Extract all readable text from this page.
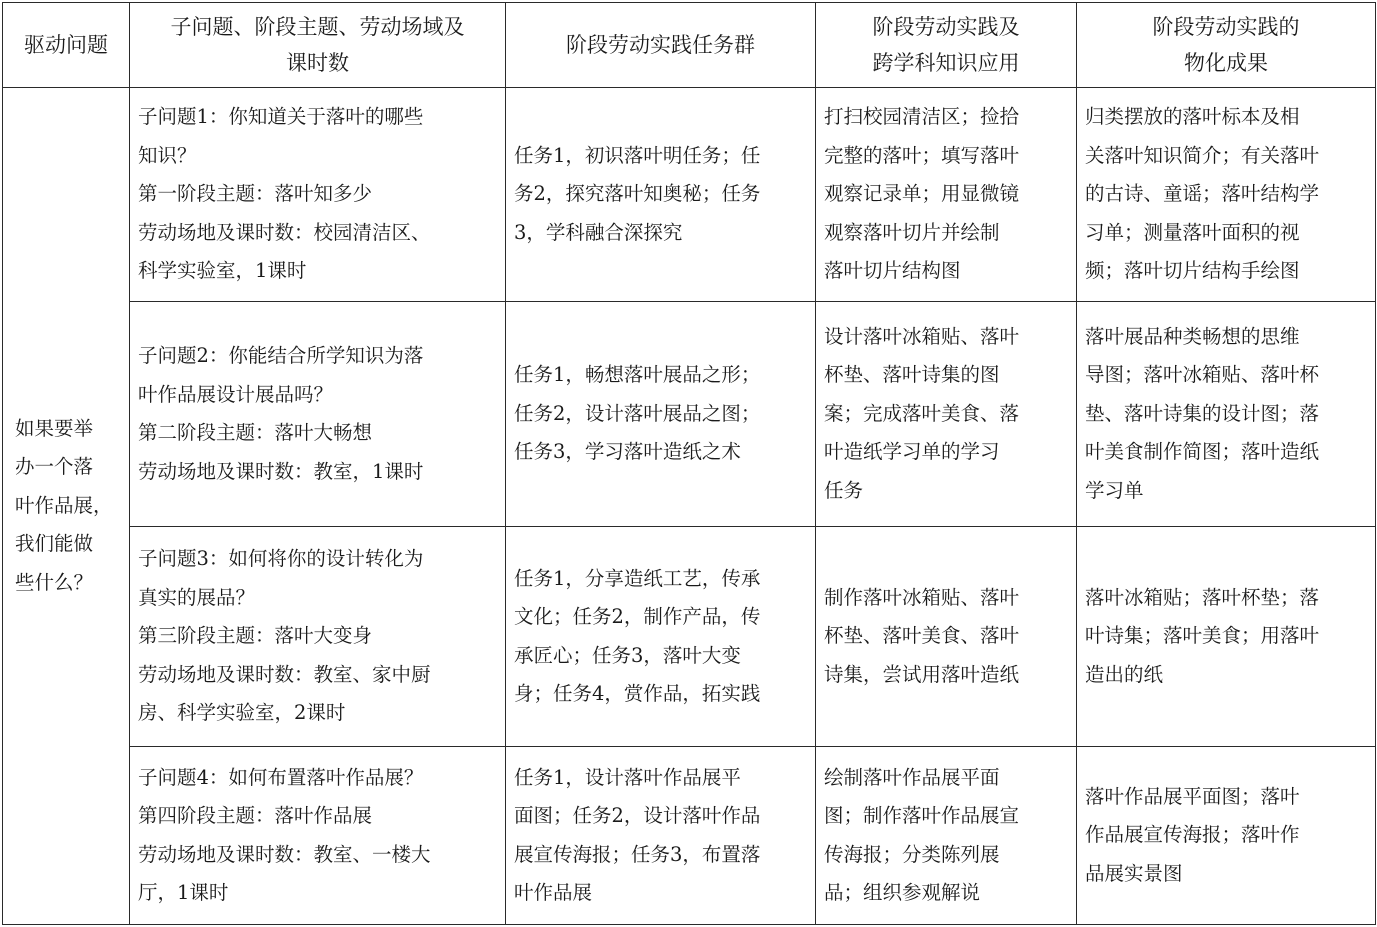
驱动问题	子问题、阶段主题、劳动场域及
课时数	阶段劳动实践任务群	阶段劳动实践及
跨学科知识应用	阶段劳动实践的
物化成果

如果要举
办一个落
叶作品展，
我们能做
些什么？	子问题1：你知道关于落叶的哪些
知识？
第一阶段主题：落叶知多少
劳动场地及课时数：校园清洁区、
科学实验室，1课时	任务1，初识落叶明任务；任
务2，探究落叶知奥秘；任务
3，学科融合深探究	打扫校园清洁区；捡拾
完整的落叶；填写落叶
观察记录单；用显微镜
观察落叶切片并绘制
落叶切片结构图	归类摆放的落叶标本及相
关落叶知识简介；有关落叶
的古诗、童谣；落叶结构学
习单；测量落叶面积的视
频；落叶切片结构手绘图

	子问题2：你能结合所学知识为落
叶作品展设计展品吗？
第二阶段主题：落叶大畅想
劳动场地及课时数：教室，1课时	任务1，畅想落叶展品之形；
任务2，设计落叶展品之图；
任务3，学习落叶造纸之术	设计落叶冰箱贴、落叶
杯垫、落叶诗集的图
案；完成落叶美食、落
叶造纸学习单的学习
任务	落叶展品种类畅想的思维
导图；落叶冰箱贴、落叶杯
垫、落叶诗集的设计图；落
叶美食制作简图；落叶造纸
学习单

	子问题3：如何将你的设计转化为
真实的展品？
第三阶段主题：落叶大变身
劳动场地及课时数：教室、家中厨
房、科学实验室，2课时	任务1，分享造纸工艺，传承
文化；任务2，制作产品，传
承匠心；任务3，落叶大变
身；任务4，赏作品，拓实践	制作落叶冰箱贴、落叶
杯垫、落叶美食、落叶
诗集，尝试用落叶造纸	落叶冰箱贴；落叶杯垫；落
叶诗集；落叶美食；用落叶
造出的纸

	子问题4：如何布置落叶作品展？
第四阶段主题：落叶作品展
劳动场地及课时数：教室、一楼大
厅，1课时	任务1，设计落叶作品展平
面图；任务2，设计落叶作品
展宣传海报；任务3，布置落
叶作品展	绘制落叶作品展平面
图；制作落叶作品展宣
传海报；分类陈列展
品；组织参观解说	落叶作品展平面图；落叶
作品展宣传海报；落叶作
品展实景图
